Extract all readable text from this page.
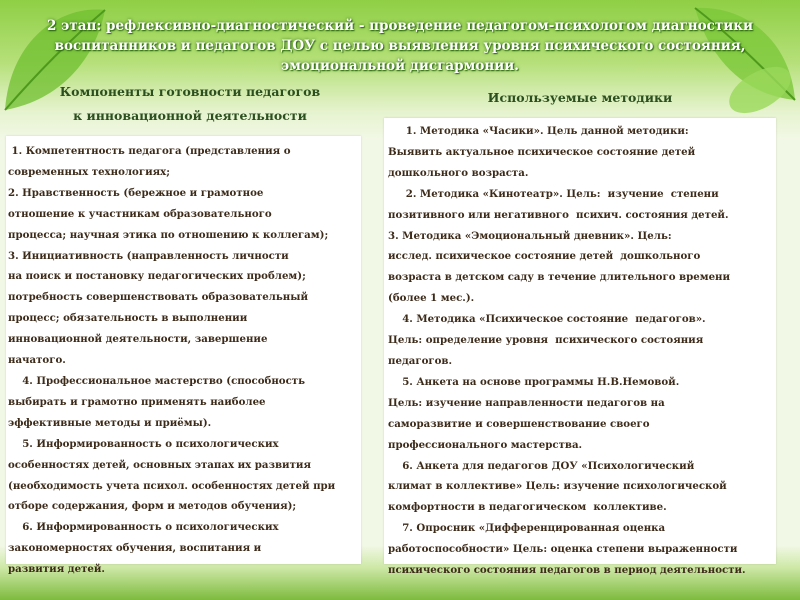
2 этап: рефлексивно-диагностический - проведение педагогом-психологом диагностики воспитанников и педагогов ДОУ с целью выявления уровня психического состояния, эмоциональной дисгармонии.
Компоненты готовности педагогов
к инновационной деятельности
Используемые методики
1. Компетентность педагога (представления о
современных технологиях;
2. Нравственность (бережное и грамотное
отношение к участникам образовательного
процесса; научная этика по отношению к коллегам);
3. Инициативность (направленность личности
на поиск и постановку педагогических проблем);
потребность совершенствовать образовательный
процесс; обязательность в выполнении
инновационной деятельности, завершение
начатого.
4. Профессиональное мастерство (способность
выбирать и грамотно применять наиболее
эффективные методы и приёмы).
5. Информированность о психологических
особенностях детей, основных этапах их развития
(необходимость учета психол. особенностях детей при
отборе содержания, форм и методов обучения);
6. Информированность о психологических
закономерностях обучения, воспитания и
развития детей.
1. Методика «Часики». Цель данной методики:
Выявить актуальное психическое состояние детей
дошкольного возраста.
2. Методика «Кинотеатр». Цель:  изучение  степени
позитивного или негативного  психич. состояния детей.
3. Методика «Эмоциональный дневник». Цель:
исслед. психическое состояние детей  дошкольного
возраста в детском саду в течение длительного времени
(более 1 мес.).
4. Методика «Психическое состояние  педагогов».
Цель: определение уровня  психического состояния
педагогов.
5. Анкета на основе программы Н.В.Немовой.
Цель: изучение направленности педагогов на
саморазвитие и совершенствование своего
профессионального мастерства.
6. Анкета для педагогов ДОУ «Психологический
климат в коллективе» Цель: изучение психологической
комфортности в педагогическом  коллективе.
7. Опросник «Дифференцированная оценка
работоспособности» Цель: оценка степени выраженности
психического состояния педагогов в период деятельности.
